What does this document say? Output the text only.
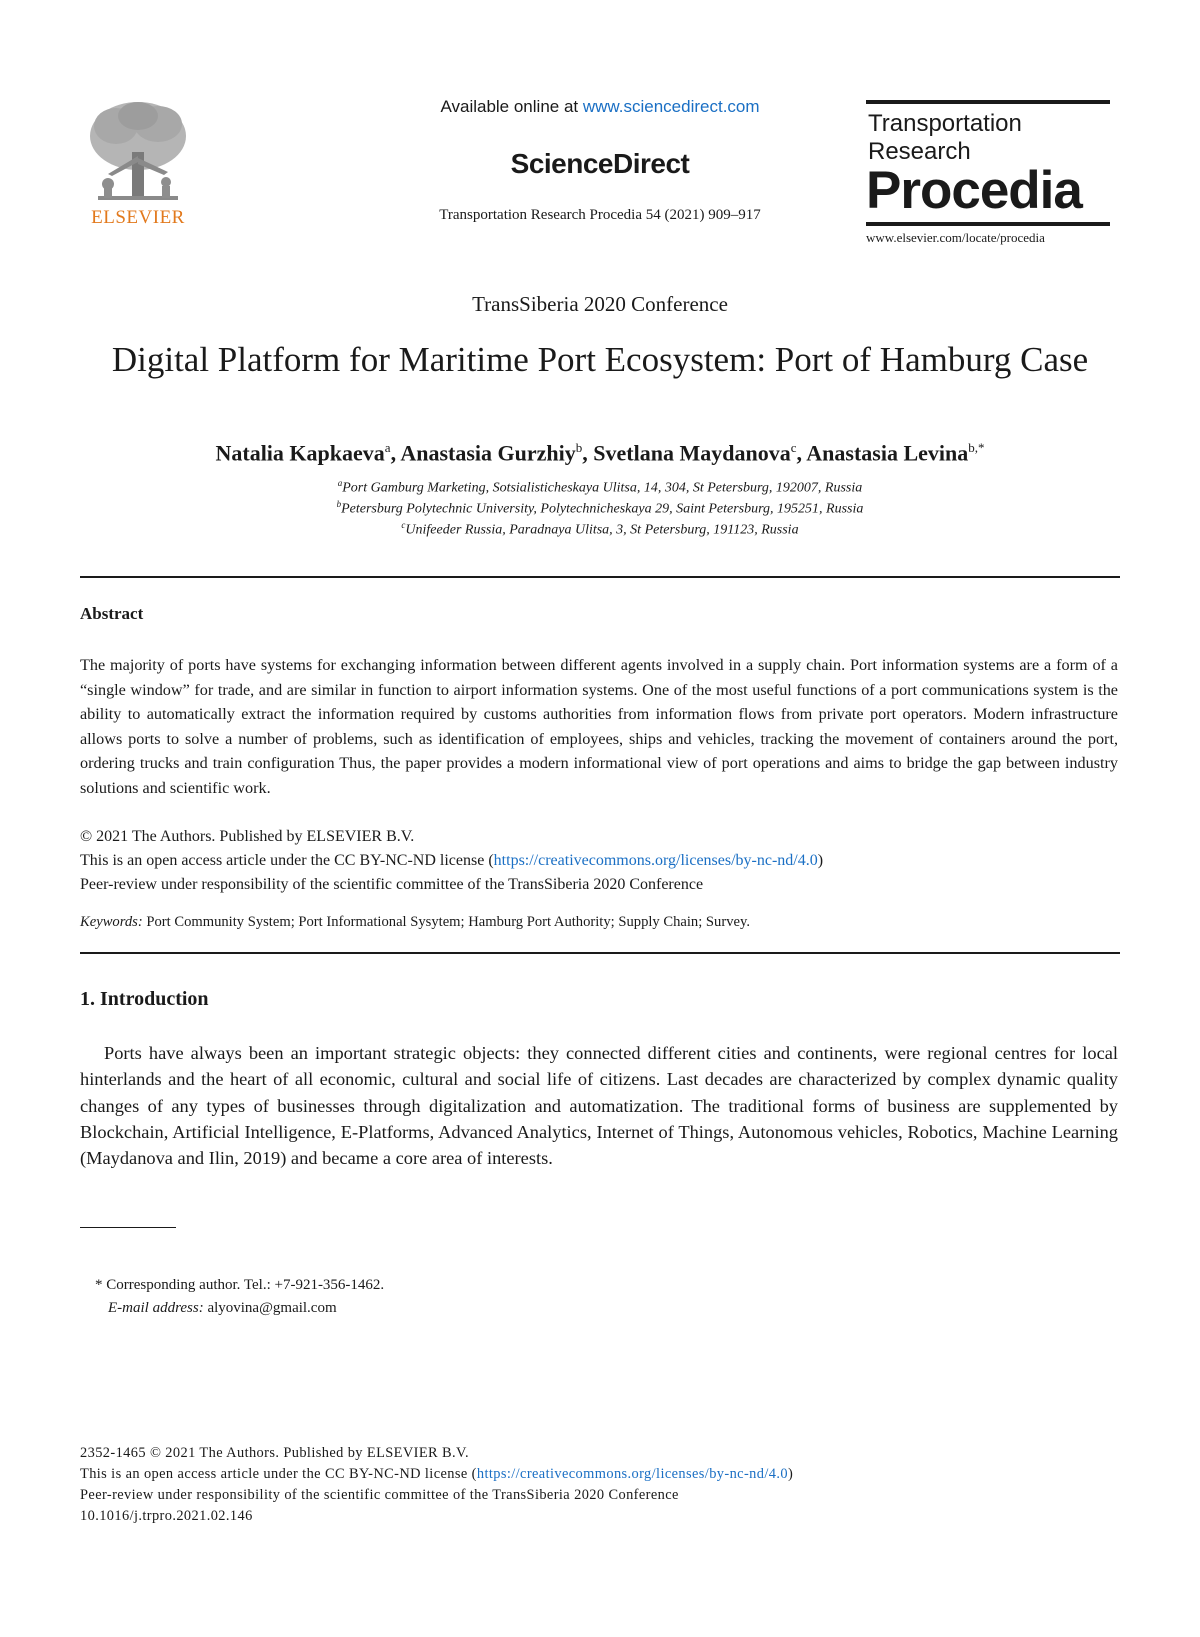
ELSEVIER
Available online at www.sciencedirect.com
ScienceDirect
Transportation Research Procedia 54 (2021) 909–917
Transportation
Research
Procedia
www.elsevier.com/locate/procedia
TransSiberia 2020 Conference
Digital Platform for Maritime Port Ecosystem: Port of Hamburg Case
Natalia Kapkaeva$^a$, Anastasia Gurzhiy$^b$, Svetlana Maydanova$^c$, Anastasia Levina$^{b,*}$
$^a$Port Gamburg Marketing, Sotsialisticheskaya Ulitsa, 14, 304, St Petersburg, 192007, Russia
$^b$Petersburg Polytechnic University, Polytechnicheskaya 29, Saint Petersburg, 195251, Russia
$^c$Unifeeder Russia, Paradnaya Ulitsa, 3, St Petersburg, 191123, Russia
Abstract
The majority of ports have systems for exchanging information between different agents involved in a supply chain. Port information systems are a form of a “single window” for trade, and are similar in function to airport information systems. One of the most useful functions of a port communications system is the ability to automatically extract the information required by customs authorities from information flows from private port operators. Modern infrastructure allows ports to solve a number of problems, such as identification of employees, ships and vehicles, tracking the movement of containers around the port, ordering trucks and train configuration Thus, the paper provides a modern informational view of port operations and aims to bridge the gap between industry solutions and scientific work.
© 2021 The Authors. Published by ELSEVIER B.V.
This is an open access article under the CC BY-NC-ND license (https://creativecommons.org/licenses/by-nc-nd/4.0)
Peer-review under responsibility of the scientific committee of the TransSiberia 2020 Conference
Keywords: Port Community System; Port Informational Sysytem; Hamburg Port Authority; Supply Chain; Survey.
1. Introduction
Ports have always been an important strategic objects: they connected different cities and continents, were regional centres for local hinterlands and the heart of all economic, cultural and social life of citizens. Last decades are characterized by complex dynamic quality changes of any types of businesses through digitalization and automatization. The traditional forms of business are supplemented by Blockchain, Artificial Intelligence, E-Platforms, Advanced Analytics, Internet of Things, Autonomous vehicles, Robotics, Machine Learning (Maydanova and Ilin, 2019) and became a core area of interests.
* Corresponding author. Tel.: +7-921-356-1462.
E-mail address: alyovina@gmail.com
2352-1465 © 2021 The Authors. Published by ELSEVIER B.V.
This is an open access article under the CC BY-NC-ND license (https://creativecommons.org/licenses/by-nc-nd/4.0)
Peer-review under responsibility of the scientific committee of the TransSiberia 2020 Conference
10.1016/j.trpro.2021.02.146
